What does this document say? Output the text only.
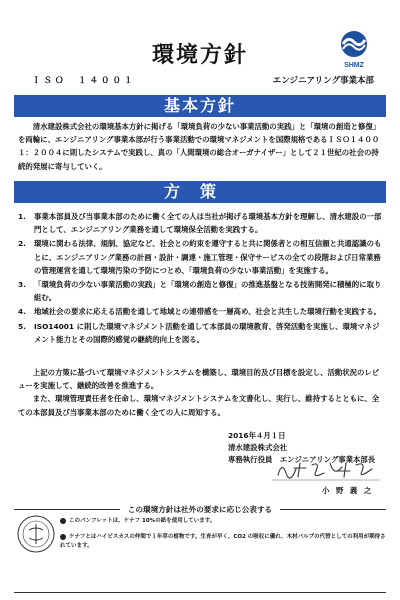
環境方針	SHMZ
ＩＳＯ　１４００１	エンジニアリング事業本部
基本方針
清水建設株式会社の環境基本方針に掲げる「環境負荷の少ない事業活動の実践」と「環境の創造と修復」を両輪に、エンジニアリング事業本部が行う事業活動での環境マネジメントを国際規格であるＩＳＯ１４００１：２００４に則したシステムで実践し、真の「人間環境の総合オーガナイザー」として２１世紀の社会の持続的発展に寄与していく。
方策
1. 事業本部員及び当事業本部のために働く全ての人は当社が掲げる環境基本方針を理解し、清水建設の一部門として、エンジニアリング業務を通して環境保全活動を実践する。
2. 環境に関わる法律、規制、協定など、社会との約束を遵守すると共に関係者との相互信頼と共通認識のもとに、エンジニアリング業務の計画・設計・調達・施工管理・保守サービスの全ての段階および日常業務の管理運営を通して環境汚染の予防につとめ、「環境負荷の少ない事業活動」を実施する。
3. 「環境負荷の少ない事業活動の実践」と「環境の創造と修復」の推進基盤となる技術開発に積極的に取り組む。
4. 地域社会の要求に応える活動を通して地域との連帯感を一層高め、社会と共生した環境行動を実践する。
5. ISO14001 に則した環境マネジメント活動を通して本部員の環境教育、啓発活動を実施し、環境マネジメント能力とその国際的感覚の継続的向上を図る。

上記の方策に基づいて環境マネジメントシステムを構築し、環境目的及び目標を設定し、活動状況のレビューを実施して、継続的改善を推進する。

また、環境管理責任者を任命し、環境マネジメントシステムを文書化し、実行し、維持するとともに、全ての本部員及び当事業本部のために働く全ての人に周知する。

2016年４月１日
清水建設株式会社
専務執行役員　エンジニアリング事業本部長
小 野 義 之
この環境方針は社外の要求に応じ公表する
このパンフレットは、ケナフ 10%の紙を使用しています。
ケナフとはハイビスカスの仲間で１年草の植物です。生育が早く、CO2 の吸収に優れ、木材パルプの代替としての利用が期待されています。
